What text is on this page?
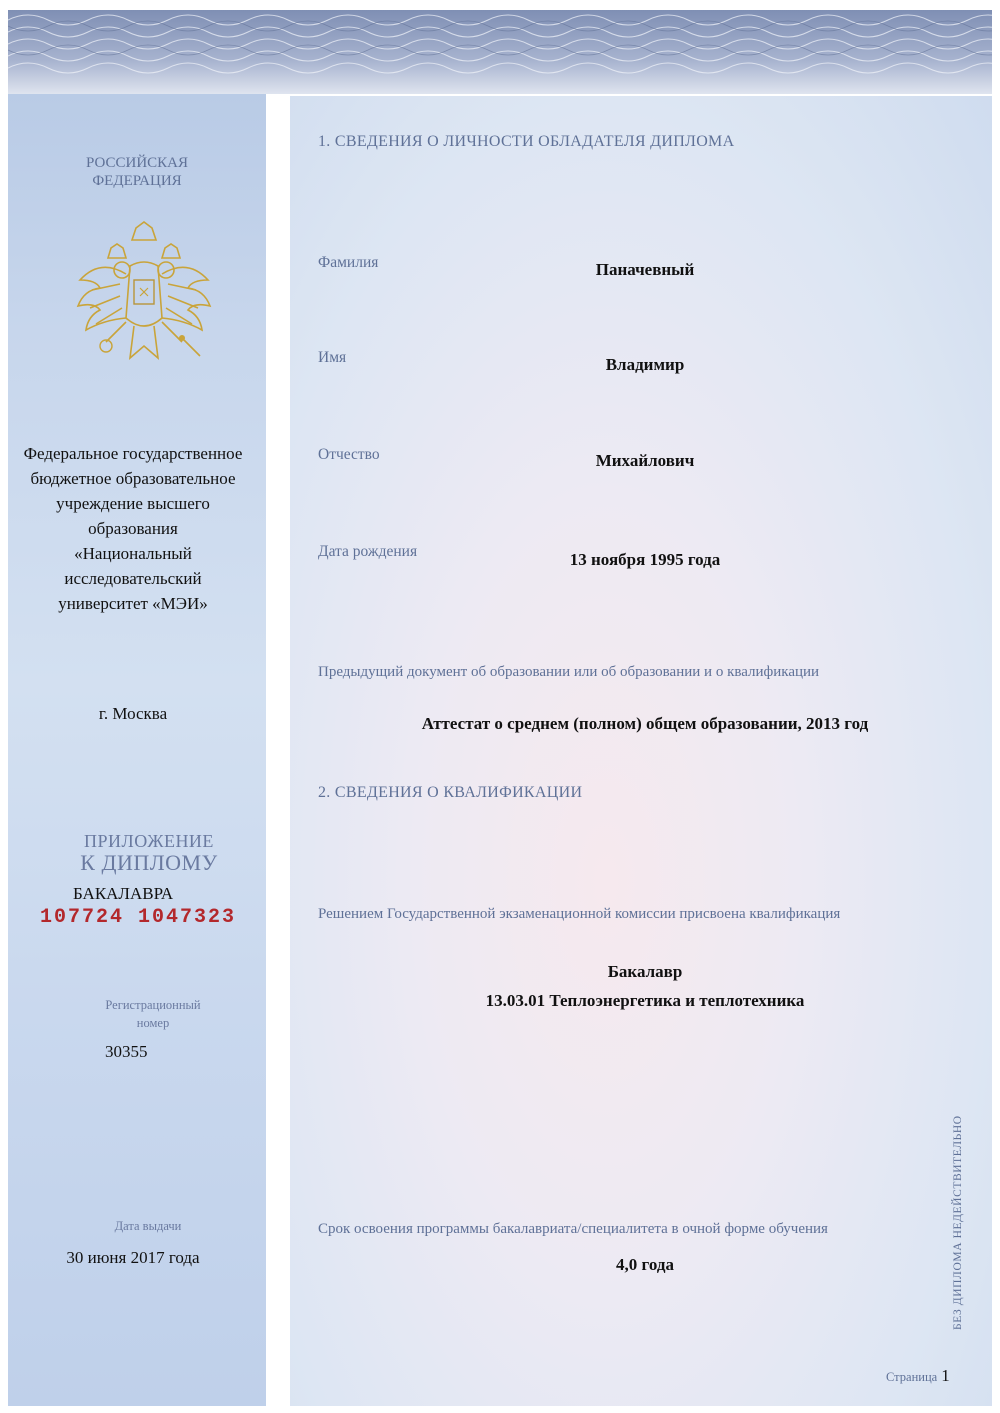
РОССИЙСКАЯ
ФЕДЕРАЦИЯ
Федеральное государственное
бюджетное образовательное
учреждение высшего
образования
«Национальный
исследовательский
университет «МЭИ»
г. Москва
ПРИЛОЖЕНИЕ
К ДИПЛОМУ
БАКАЛАВРА
107724 1047323
Регистрационный
номер
30355
Дата выдачи
30 июня 2017 года
1. СВЕДЕНИЯ О ЛИЧНОСТИ ОБЛАДАТЕЛЯ ДИПЛОМА
Фамилия	Паначевный
Имя	Владимир
Отчество	Михайлович
Дата рождения	13 ноября 1995 года
Предыдущий документ об образовании или об образовании и о квалификации
Аттестат о среднем (полном) общем образовании, 2013 год
2. СВЕДЕНИЯ О КВАЛИФИКАЦИИ
Решением Государственной экзаменационной комиссии присвоена квалификация
Бакалавр
13.03.01 Теплоэнергетика и теплотехника
Срок освоения программы бакалавриата/специалитета в очной форме обучения
4,0 года	БЕЗ ДИПЛОМА НЕДЕЙСТВИТЕЛЬНО
Страница 1
